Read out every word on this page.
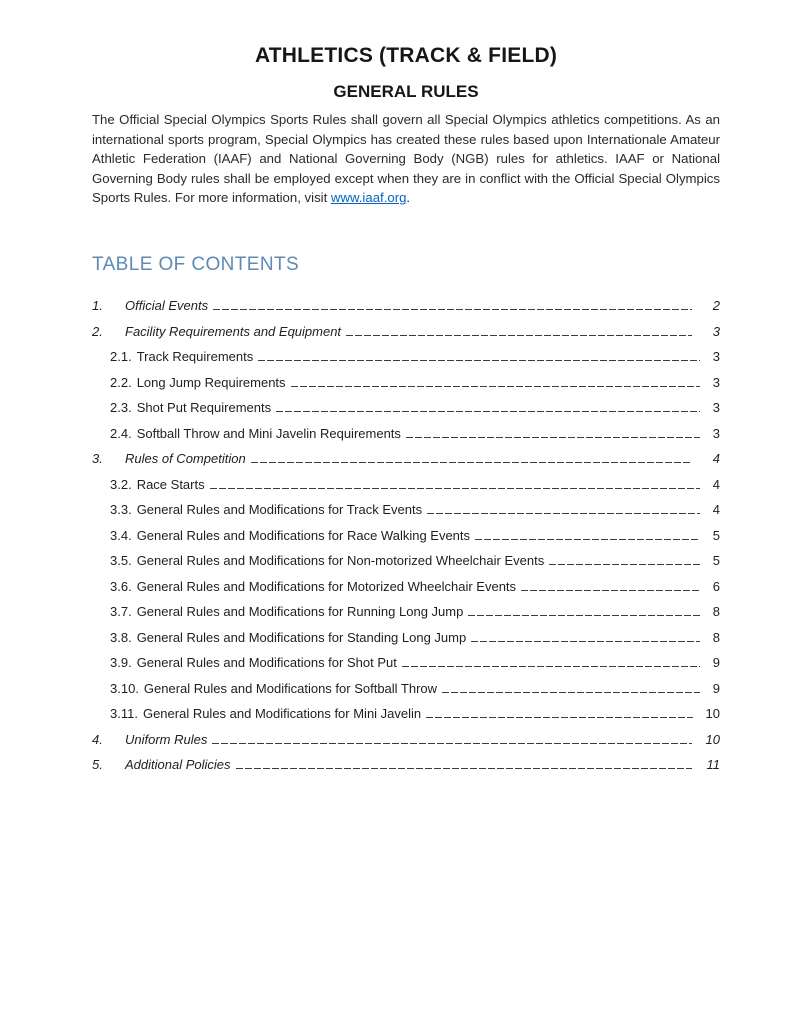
ATHLETICS (TRACK & FIELD)
GENERAL RULES

The Official Special Olympics Sports Rules shall govern all Special Olympics athletics competitions. As an international sports program, Special Olympics has created these rules based upon Internationale Amateur Athletic Federation (IAAF) and National Governing Body (NGB) rules for athletics. IAAF or National Governing Body rules shall be employed except when they are in conflict with the Official Special Olympics Sports Rules. For more information, visit www.iaaf.org.

TABLE OF CONTENTS
1.	Official Events	2
2.	Facility Requirements and Equipment	3
2.1. Track Requirements	3
2.2. Long Jump Requirements	3
2.3. Shot Put Requirements	3
2.4. Softball Throw and Mini Javelin Requirements	3
3.	Rules of Competition	4
3.2. Race Starts	4
3.3. General Rules and Modifications for Track Events	4
3.4. General Rules and Modifications for Race Walking Events	5
3.5. General Rules and Modifications for Non-motorized Wheelchair Events	5
3.6. General Rules and Modifications for Motorized Wheelchair Events	6
3.7. General Rules and Modifications for Running Long Jump	8
3.8. General Rules and Modifications for Standing Long Jump	8
3.9. General Rules and Modifications for Shot Put	9
3.10. General Rules and Modifications for Softball Throw	9
3.11. General Rules and Modifications for Mini Javelin	10
4.	Uniform Rules	10
5.	Additional Policies	11
